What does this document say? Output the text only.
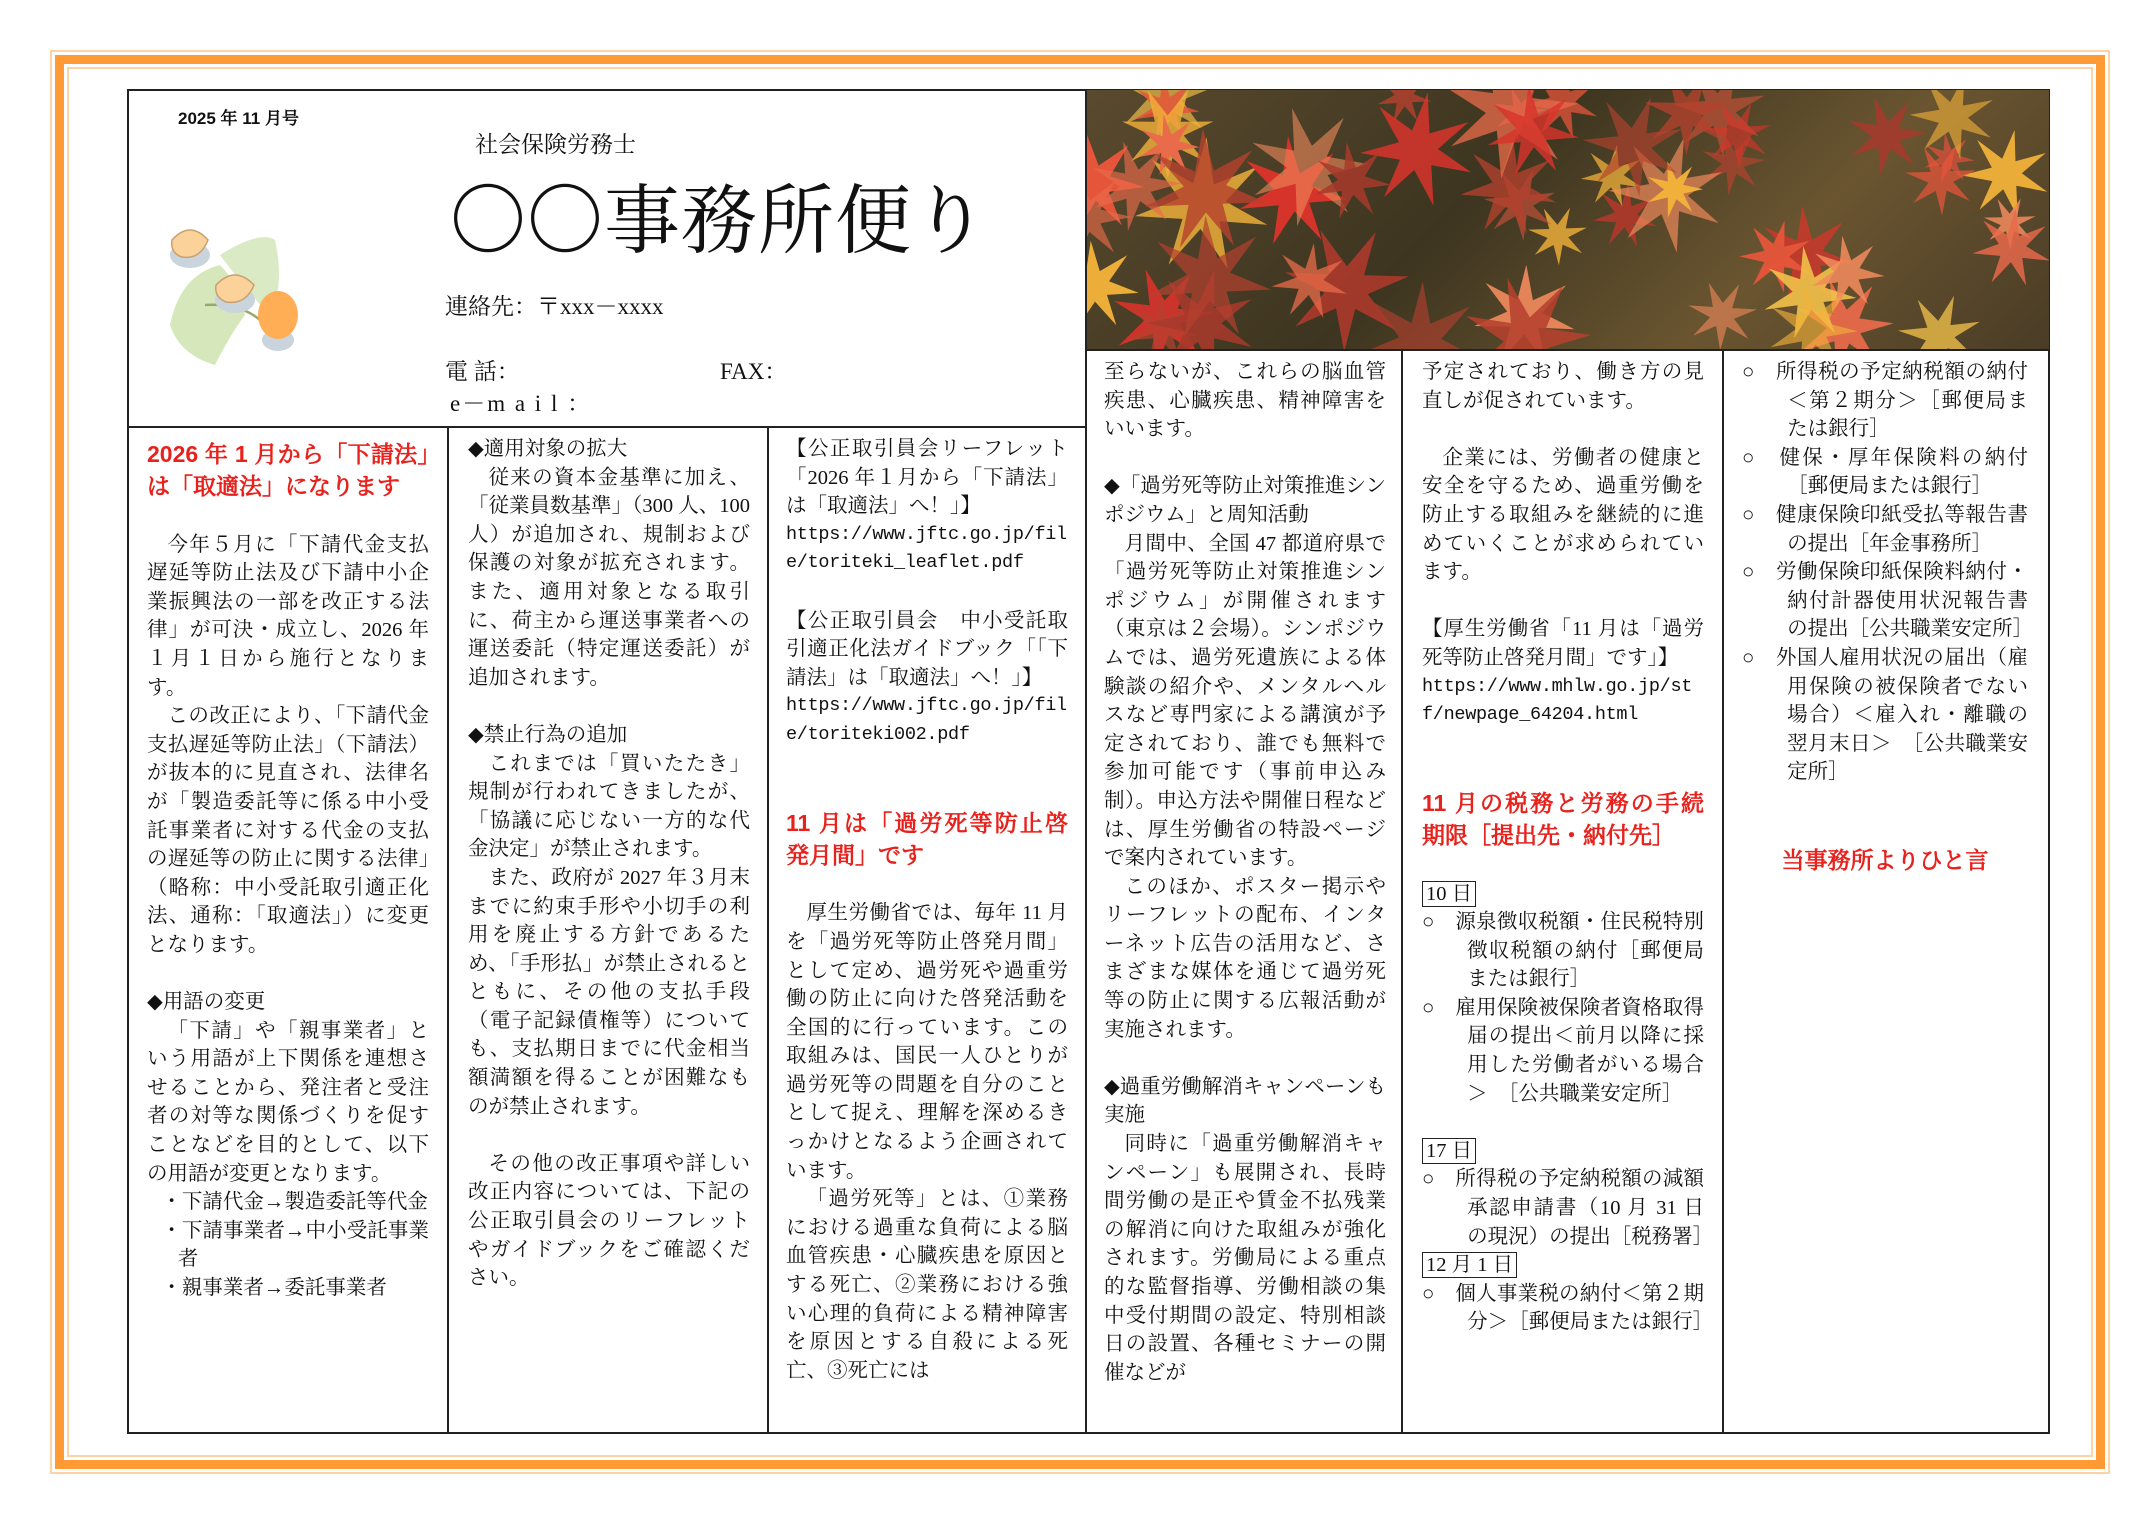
2025 年 11 月号
社会保険労務士
〇〇事務所便り
連絡先：〒xxx－xxxx
電 話：	FAX：
e－m a i l ：
2026 年 1 月から「下請法」は「取適法」になります
今年５月に「下請代金支払遅延等防止法及び下請中小企業振興法の一部を改正する法律」が可決・成立し、2026 年１月１日から施行となります。
この改正により、「下請代金支払遅延等防止法」（下請法）が抜本的に見直され、法律名が「製造委託等に係る中小受託事業者に対する代金の支払の遅延等の防止に関する法律」（略称：中小受託取引適正化法、通称：「取適法」）に変更となります。
◆用語の変更
「下請」や「親事業者」という用語が上下関係を連想させることから、発注者と受注者の対等な関係づくりを促すことなどを目的として、以下の用語が変更となります。
・下請代金→製造委託等代金
・下請事業者→中小受託事業者
・親事業者→委託事業者
◆適用対象の拡大
従来の資本金基準に加え、「従業員数基準」（300 人、100 人）が追加され、規制および保護の対象が拡充されます。また、適用対象となる取引に、荷主から運送事業者への運送委託（特定運送委託）が追加されます。
◆禁止行為の追加
これまでは「買いたたき」規制が行われてきましたが、「協議に応じない一方的な代金決定」が禁止されます。
また、政府が 2027 年３月末までに約束手形や小切手の利用を廃止する方針であるため、「手形払」が禁止されるとともに、その他の支払手段（電子記録債権等）についても、支払期日までに代金相当額満額を得ることが困難なものが禁止されます。
その他の改正事項や詳しい改正内容については、下記の公正取引員会のリーフレットやガイドブックをご確認ください。
【公正取引員会リーフレット「2026 年１月から「下請法」は「取適法」へ！」】
https://www.jftc.go.jp/file/toriteki_leaflet.pdf
【公正取引員会　中小受託取引適正化法ガイドブック「「下請法」は「取適法」へ！」】
https://www.jftc.go.jp/file/toriteki002.pdf
11 月は「過労死等防止啓発月間」です
厚生労働省では、毎年 11 月を「過労死等防止啓発月間」として定め、過労死や過重労働の防止に向けた啓発活動を全国的に行っています。この取組みは、国民一人ひとりが過労死等の問題を自分のこととして捉え、理解を深めるきっかけとなるよう企画されています。
「過労死等」とは、①業務における過重な負荷による脳血管疾患・心臓疾患を原因とする死亡、②業務における強い心理的負荷による精神障害を原因とする自殺による死亡、③死亡には
至らないが、これらの脳血管疾患、心臓疾患、精神障害をいいます。
◆「過労死等防止対策推進シンポジウム」と周知活動
月間中、全国 47 都道府県で「過労死等防止対策推進シンポジウム」が開催されます（東京は２会場）。シンポジウムでは、過労死遺族による体験談の紹介や、メンタルヘルスなど専門家による講演が予定されており、誰でも無料で参加可能です（事前申込み制）。申込方法や開催日程などは、厚生労働省の特設ページで案内されています。
このほか、ポスター掲示やリーフレットの配布、インターネット広告の活用など、さまざまな媒体を通じて過労死等の防止に関する広報活動が実施されます。
◆過重労働解消キャンペーンも実施
同時に「過重労働解消キャンペーン」も展開され、長時間労働の是正や賃金不払残業の解消に向けた取組みが強化されます。労働局による重点的な監督指導、労働相談の集中受付期間の設定、特別相談日の設置、各種セミナーの開催などが
予定されており、働き方の見直しが促されています。
企業には、労働者の健康と安全を守るため、過重労働を防止する取組みを継続的に進めていくことが求められています。
【厚生労働省「11 月は「過労死等防止啓発月間」です」】
https://www.mhlw.go.jp/stf/newpage_64204.html
11 月の税務と労務の手続期限［提出先・納付先］
10 日
○　源泉徴収税額・住民税特別徴収税額の納付［郵便局または銀行］
○　雇用保険被保険者資格取得届の提出＜前月以降に採用した労働者がいる場合＞　［公共職業安定所］
17 日
○　所得税の予定納税額の減額承認申請書（10 月 31 日の現況）の提出［税務署］
12 月 1 日
○　個人事業税の納付＜第２期分＞［郵便局または銀行］
○　所得税の予定納税額の納付＜第２期分＞［郵便局または銀行］
○　健保・厚年保険料の納付　［郵便局または銀行］
○　健康保険印紙受払等報告書の提出［年金事務所］
○　労働保険印紙保険料納付・納付計器使用状況報告書の提出［公共職業安定所］
○　外国人雇用状況の届出（雇用保険の被保険者でない場合）＜雇入れ・離職の翌月末日＞　［公共職業安定所］
当事務所よりひと言
